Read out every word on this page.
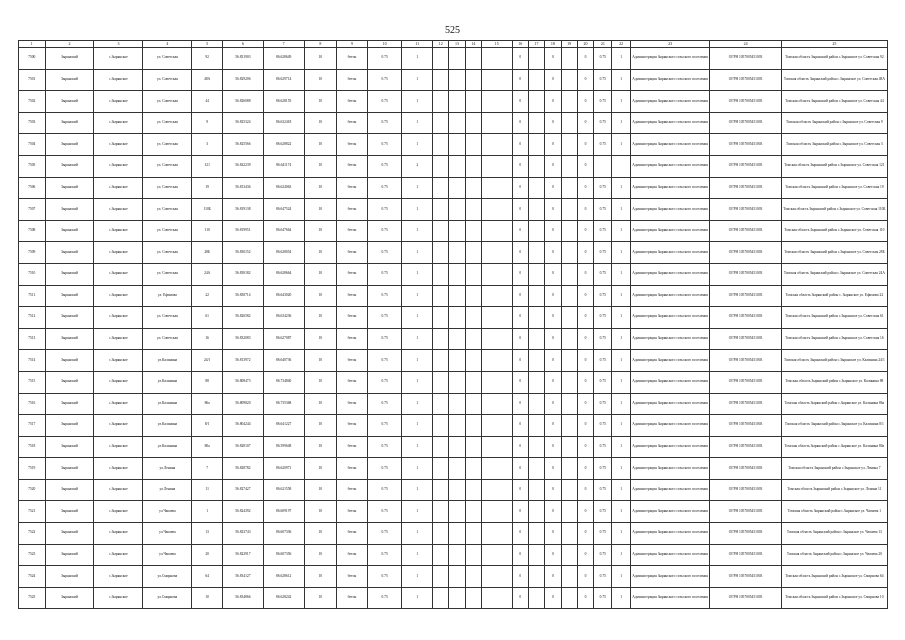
525
1	2	3	4	5	6	7	8	9	10	11	12	13	14	15	16	17	18	19	20	21	22	23	24	25
7500	Зырянский	с.Зырянское	ул. Советская	92	56.831903	86.628649	10	бетон	0.75	1					0		0		0	0.75	1	Администрация Зырянского сельского поселения	ОГРН 1057005451003	Томская область Зырянский район с.Зырянское ул. Советская 92
7501	Зырянский	с.Зырянское	ул. Советская	48А	56.829206	86.629714	10	бетон	0.75	1					0		0		0	0.75	1	Администрация Зырянского сельского поселения	ОГРН 1057005451003	Томская область Зырянский район с.Зырянское ул. Советская 48А
7502	Зырянский	с.Зырянское	ул. Советская	44	56.826088	86.628155	10	бетон	0.75	1					0		0		0	0.75	1	Администрация Зырянского сельского поселения	ОГРН 1057005451003	Томская область Зырянский район с.Зырянское ул. Советская 44
7503	Зырянский	с.Зырянское	ул. Советская	9	56.825324	86.632418	10	бетон	0.75	1					0		0		0	0.75	1	Администрация Зырянского сельского поселения	ОГРН 1057005451003	Томская область Зырянский район с.Зырянское ул. Советская 9
7504	Зырянский	с.Зырянское	ул. Советская	3	56.825566	86.628822	10	бетон	0.75	1					0		0		0	0.75	1	Администрация Зырянского сельского поселения	ОГРН 1057005451003	Томская область Зырянский район с.Зырянское ул. Советская 3
7505	Зырянский	с.Зырянское	ул. Советская	121	56.822239	86.641174	10	бетон	0.75	2					0		0		0			Администрация Зырянского сельского поселения	ОГРН 1057005451003	Томская область Зырянский район с.Зырянское ул. Советская 121
7506	Зырянский	с.Зырянское	ул. Советская	19	56.813436	86.624063	10	бетон	0.75	1					0		0		0	0.75	1	Администрация Зырянского сельского поселения	ОГРН 1057005451003	Томская область Зырянский район с.Зырянское ул. Советская 19
7507	Зырянский	с.Зырянское	ул. Советская	110Б	56.819138	86.647524	10	бетон	0.75	1					0		0		0	0.75	1	Администрация Зырянского сельского поселения	ОГРН 1057005451003	Томская область Зырянский район с.Зырянское ул. Советская 110Б
7508	Зырянский	с.Зырянское	ул. Советская	110	56.819951	86.647664	10	бетон	0.75	1					0		0		0	0.75	1	Администрация Зырянского сельского поселения	ОГРН 1057005451003	Томская область Зырянский район с.Зырянское ул. Советская 110
7509	Зырянский	с.Зырянское	ул. Советская	28Б	56.830152	86.628054	10	бетон	0.75	1					0		0		0	0.75	1	Администрация Зырянского сельского поселения	ОГРН 1057005451003	Томская область Зырянский район с.Зырянское ул. Советская 28Б
7510	Зырянский	с.Зырянское	ул. Советская	24А	56.830182	86.628664	10	бетон	0.75	1					0		0		0	0.75	1	Администрация Зырянского сельского поселения	ОГРН 1057005451003	Томская область Зырянский район с.Зырянское ул. Советская 24А
7511	Зырянский	с.Зырянское	ул. Ефимова	22	56.830714	86.643020	10	бетон	0.75	1					0		0		0	0.75	1	Администрация Зырянского сельского поселения	ОГРН 1057005451003	Томская область Зырянский район с. Зырянское ул. Ефимова 22
7512	Зырянский	с.Зырянское	ул. Советская	61	56.826582	86.634236	10	бетон	0.75	1					0		0		0	0.75	1	Администрация Зырянского сельского поселения	ОГРН 1057005451003	Томская область Зырянский район с.Зырянское ул. Советская 61
7513	Зырянский	с.Зырянское	ул. Советская	16	56.832083	86.627087	10	бетон	0.75	1					0		0		0	0.75	1	Администрация Зырянского сельского поселения	ОГРН 1057005451003	Томская область Зырянский район с.Зырянское ул. Советская 16
7514	Зырянский	с.Зырянское	ул.Калинина	24/1	56.813972	86.640736	10	бетон	0.75	1					0		0		0	0.75	1	Администрация Зырянского сельского поселения	ОГРН 1057005451003	Томская область Зырянский район с.Зырянское ул. Калинина 24/1
7515	Зырянский	с.Зырянское	ул.Калинина	88	56.808473	86.734840	10	бетон	0.75	1					0		0		0	0.75	1	Администрация Зырянского сельского поселения	ОГРН 1057005451003	Томская область Зырянский район с.Зырянское ул. Калинина 88
7516	Зырянский	с.Зырянское	ул.Калинина	86а	56.809820	86.735368	10	бетон	0.75	1					0		0		0	0.75	1	Администрация Зырянского сельского поселения	ОГРН 1057005451003	Томская область Зырянский район с.Зырянское ул. Калинина 86а
7517	Зырянский	с.Зырянское	ул.Калинина	8/1	56.804244	86.641227	10	бетон	0.75	1					0		0		0	0.75	1	Администрация Зырянского сельского поселения	ОГРН 1057005451003	Томская область Зырянский район с.Зырянское ул. Калинина 8/1
7518	Зырянский	с.Зырянское	ул.Калинина	80а	56.828107	86.599648	10	бетон	0.75	1					0		0		0	0.75	1	Администрация Зырянского сельского поселения	ОГРН 1057005451003	Томская область Зырянский район с.Зырянское ул. Калинина 80а
7519	Зырянский	с.Зырянское	ул.Ленина	7	56.828782	86.620971	10	бетон	0.75	1					0		0		0	0.75	1	Администрация Зырянского сельского поселения	ОГРН 1057005451003	Томская область Зырянский район с.Зырянское ул. Ленина 7
7520	Зырянский	с.Зырянское	ул.Ленина	11	56.827427	86.621558	10	бетон	0.75	1					0		0		0	0.75	1	Администрация Зырянского сельского поселения	ОГРН 1057005451003	Томская область Зырянский район с.Зырянское ул. Ленина 11
7521	Зырянский	с.Зырянское	ул.Чапаева	1	56.824392	86.609197	10	бетон	0.75	1					0		0		0	0.75	1	Администрация Зырянского сельского поселения	ОГРН 1057005451003	Томская область Зырянский район с.Зырянское ул. Чапаева 1
7522	Зырянский	с.Зырянское	ул.Чапаева	13	56.823743	86.607336	10	бетон	0.75	1					0		0		0	0.75	1	Администрация Зырянского сельского поселения	ОГРН 1057005451003	Томская область Зырянский район с.Зырянское ул. Чапаева 13
7523	Зырянский	с.Зырянское	ул.Чапаева	20	56.822917	86.607356	10	бетон	0.75	1					0		0		0	0.75	1	Администрация Зырянского сельского поселения	ОГРН 1057005451003	Томская область Зырянский район с.Зырянское ул. Чапаева 20
7524	Зырянский	с.Зырянское	ул.Смирнова	64	56.834127	86.628612	10	бетон	0.75	1					0		0		0	0.75	1	Администрация Зырянского сельского поселения	ОГРН 1057005451003	Томская область Зырянский район с.Зырянское ул. Смирнова 64
7525	Зырянский	с.Зырянское	ул.Смирнова	10	56.834866	86.628242	10	бетон	0.75	1					0		0		0	0.75	1	Администрация Зырянского сельского поселения	ОГРН 1057005451003	Томская область Зырянский район с.Зырянское ул. Смирнова 10
